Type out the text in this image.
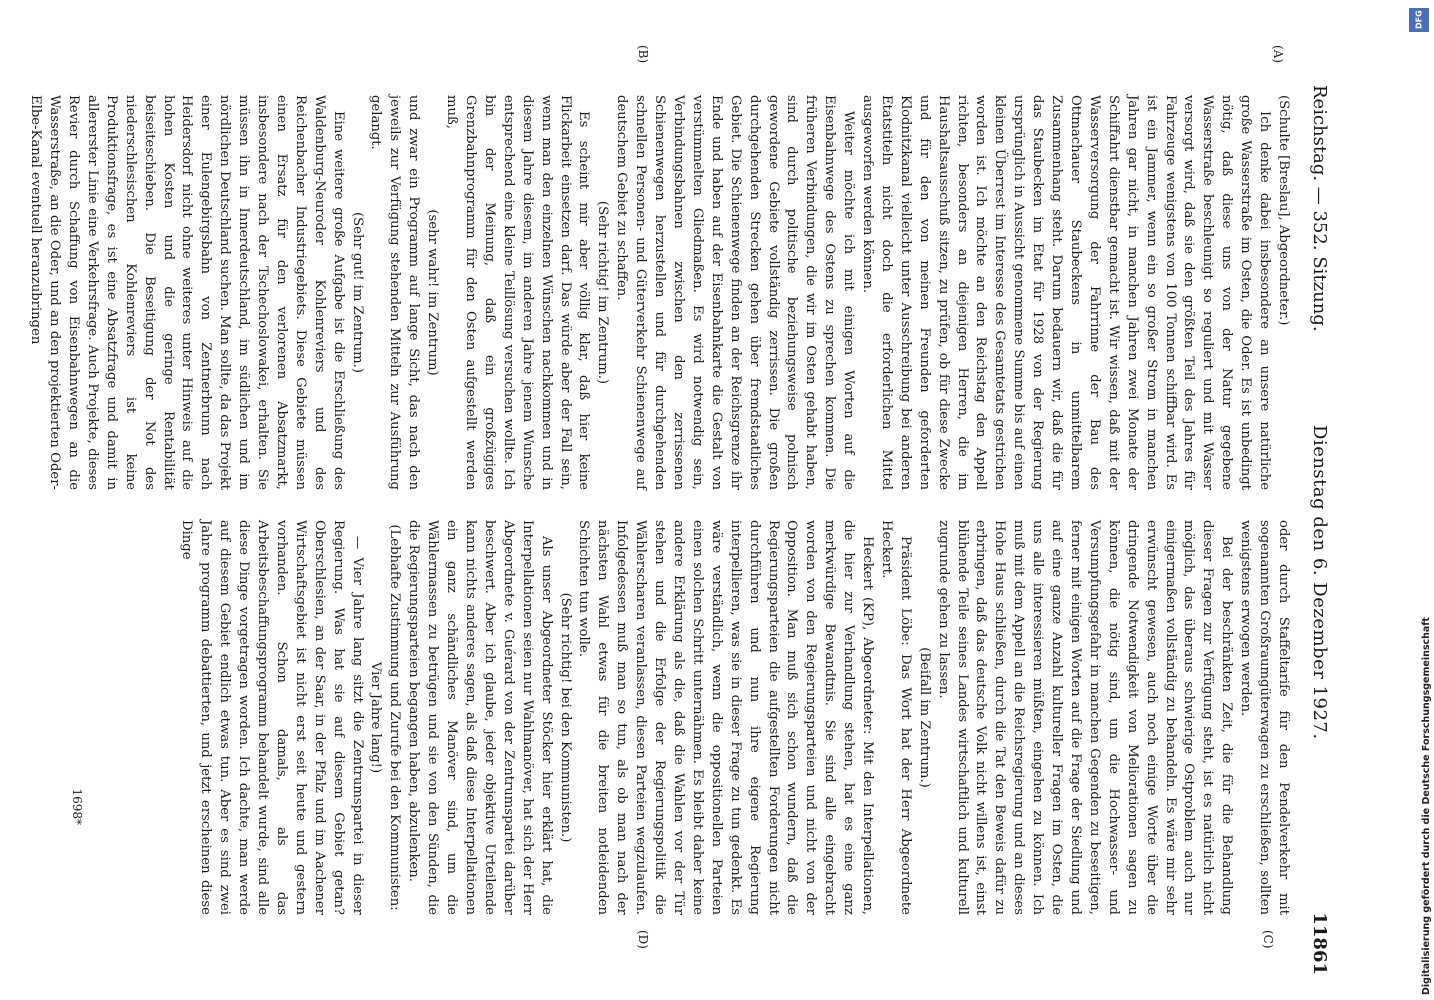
Reichstag. — 352. Sitzung.
Dienstag den 6. Dezember 1927.
11861
(A)
(B)
(C)
(D)

(Schulte [Breslau], Abgeordneter.)

Ich denke dabei insbesondere an unsere natürliche große Wasserstraße im Osten, die Oder. Es ist unbedingt nötig, daß diese uns von der Natur gegebene Wasserstraße beschleunigt so reguliert und mit Wasser versorgt wird, daß sie den größten Teil des Jahres für Fahrzeuge wenigstens von 100 Tonnen schiffbar wird. Es ist ein Jammer, wenn ein so großer Strom in manchen Jahren gar nicht, in manchen Jahren zwei Monate der Schiffahrt dienstbar gemacht ist. Wir wissen, daß mit der Wasserversorgung der Fahrrinne der Bau des Ottmachauer Staubeckens in unmittelbarem Zusammenhang steht. Darum bedauern wir, daß die für das Staubecken im Etat für 1928 von der Regierung ursprünglich in Aussicht genommene Summe bis auf einen kleinen Überrest im Interesse des Gesamtetats gestrichen worden ist. Ich möchte an den Reichstag den Appell richten, besonders an diejenigen Herren, die im Haushaltsausschuß sitzen, zu prüfen, ob für diese Zwecke und für den von meinen Freunden geforderten Klodnitzkanal vielleicht unter Ausschreibung bei anderen Etatstiteln nicht doch die erforderlichen Mittel ausgeworfen werden können.

Weiter möchte ich mit einigen Worten auf die Eisenbahnwege des Ostens zu sprechen kommen. Die früheren Verbindungen, die wir im Osten gehabt haben, sind durch politische beziehungsweise polnisch gewordene Gebiete vollständig zerrissen. Die großen durchgehenden Strecken gehen über fremdstaatliches Gebiet. Die Schienenwege finden an der Reichsgrenze ihr Ende und haben auf der Eisenbahnkarte die Gestalt von verstümmelten Gliedmaßen. Es wird notwendig sein, Verbindungsbahnen zwischen den zerrissenen Schienenwegen herzustellen und für durchgehenden schnellen Personen- und Güterverkehr Schienenwege auf deutschem Gebiet zu schaffen.

(Sehr richtig! im Zentrum.)

Es scheint mir aber völlig klar, daß hier keine Flickarbeit einsetzen darf. Das würde aber der Fall sein, wenn man den einzelnen Wünschen nachkommen und in diesem Jahre diesem, im anderen Jahre jenem Wunsche entsprechend eine kleine Teillösung versuchen wollte. Ich bin der Meinung, daß ein großzügiges Grenzbahnprogramm für den Osten aufgestellt werden muß,

(sehr wahr! im Zentrum)

und zwar ein Programm auf lange Sicht, das nach den jeweils zur Verfügung stehenden Mitteln zur Ausführung gelangt.

(Sehr gut! im Zentrum.)

Eine weitere große Aufgabe ist die Erschließung des Waldenburg-Neuroder Kohlenreviers und des Reichenbacher Industriegebiets. Diese Gebiete müssen einen Ersatz für den verlorenen Absatzmarkt, insbesondere nach der Tschechoslowakei, erhalten. Sie müssen ihn in Innerdeutschland, im südlichen und im nördlichen Deutschland suchen. Man sollte, da das Projekt einer Eulengebirgsbahn von Zentnerbrunn nach Heidersdorf nicht ohne weiteres unter Hinweis auf die hohen Kosten und die geringe Rentabilität beiseiteschieben. Die Beseitigung der Not des niederschlesischen Kohlenreviers ist keine Produktionsfrage, es ist eine Absatzfrage und damit in allererster Linie eine Verkehrsfrage. Auch Projekte, dieses Revier durch Schaffung von Eisenbahnwegen an die Wasserstraße, an die Oder, und an den projektierten Oder-Elbe-Kanal eventuell heranzubringen

oder durch Staffeltarife für den Pendelverkehr mit sogenannten Großraumgüterwagen zu erschließen, sollten wenigstens erwogen werden.

Bei der beschränkten Zeit, die für die Behandlung dieser Fragen zur Verfügung steht, ist es natürlich nicht möglich, das überaus schwierige Ostproblem auch nur einigermaßen vollständig zu behandeln. Es wäre mir sehr erwünscht gewesen, auch noch einige Worte über die dringende Notwendigkeit von Meliorationen sagen zu können, die nötig sind, um die Hochwasser- und Versumpfungsgefahr in manchen Gegenden zu beseitigen, ferner mit einigen Worten auf die Frage der Siedlung und auf eine ganze Anzahl kultureller Fragen im Osten, die uns alle interessieren müßten, eingehen zu können. Ich muß mit dem Appell an die Reichsregierung und an dieses Hohe Haus schließen, durch die Tat den Beweis dafür zu erbringen, daß das deutsche Volk nicht willens ist, einst blühende Teile seines Landes wirtschaftlich und kulturell zugrunde gehen zu lassen.

(Beifall im Zentrum.)

Präsident Löbe: Das Wort hat der Herr Abgeordnete Heckert.

Heckert (KP), Abgeordneter: Mit den Interpellationen, die hier zur Verhandlung stehen, hat es eine ganz merkwürdige Bewandtnis. Sie sind alle eingebracht worden von den Regierungsparteien und nicht von der Opposition. Man muß sich schon wundern, daß die Regierungsparteien die aufgestellten Forderungen nicht durchführen und nun ihre eigene Regierung interpellieren, was sie in dieser Frage zu tun gedenkt. Es wäre verständlich, wenn die oppositionellen Parteien einen solchen Schritt unternähmen. Es bleibt daher keine andere Erklärung als die, daß die Wahlen vor der Tür stehen und die Erfolge der Regierungspolitik die Wählerscharen veranlassen, diesen Parteien wegzulaufen. Infolgedessen muß man so tun, als ob man nach der nächsten Wahl etwas für die breiten notleidenden Schichten tun wolle.

(Sehr richtig! bei den Kommunisten.)

Als unser Abgeordneter Stöcker hier erklärt hat, die Interpellationen seien nur Wahlmanöver, hat sich der Herr Abgeordnete v. Guérard von der Zentrumspartei darüber beschwert. Aber ich glaube, jeder objektive Urteilende kann nichts anderes sagen, als daß diese Interpellationen ein ganz schändliches Manöver sind, um die Wählermassen zu betrügen und sie von den Sünden, die die Regierungsparteien begangen haben, abzulenken.

(Lebhafte Zustimmung und Zurufe bei den Kommunisten: Vier Jahre lang!)

— Vier Jahre lang sitzt die Zentrumspartei in dieser Regierung. Was hat sie auf diesem Gebiet getan? Oberschlesien, an der Saar, in der Pfalz und im Aachener Wirtschaftsgebiet ist nicht erst seit heute und gestern vorhanden. Schon damals, als das Arbeitsbeschaffungsprogramm behandelt wurde, sind alle diese Dinge vorgetragen worden. Ich dachte, man werde auf diesem Gebiet endlich etwas tun. Aber es sind zwei Jahre programm debattierten, und jetzt erscheinen diese Dinge

1698*
DFG
Digitalisierung gefördert durch die Deutsche Forschungsgemeinschaft
